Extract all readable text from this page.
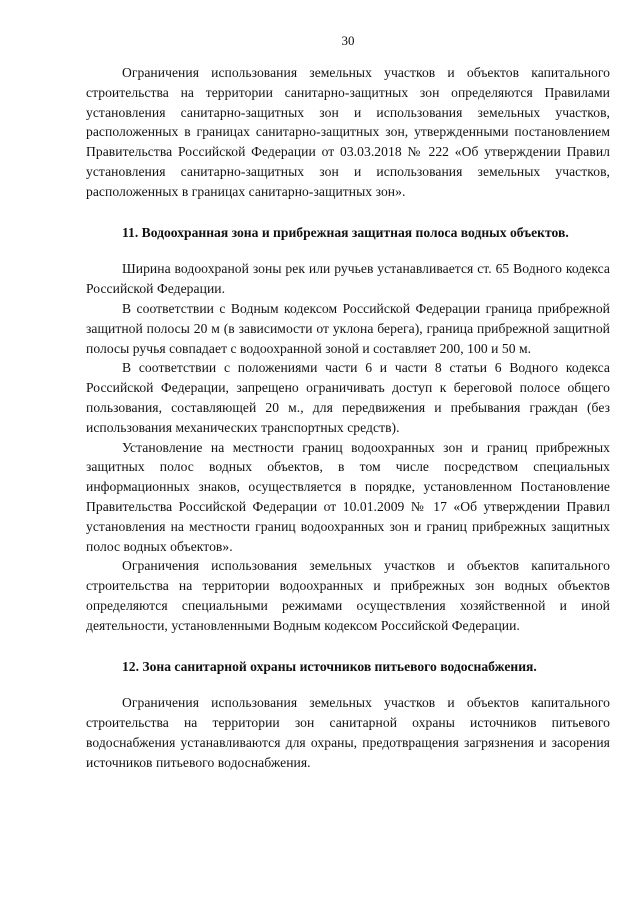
30

Ограничения использования земельных участков и объектов капитального строительства на территории санитарно-защитных зон определяются Правилами установления санитарно-защитных зон и использования земельных участков, расположенных в границах санитарно-защитных зон, утвержденными постановлением Правительства Российской Федерации от 03.03.2018 № 222 «Об утверждении Правил установления санитарно-защитных зон и использования земельных участков, расположенных в границах санитарно-защитных зон».

11. Водоохранная зона и прибрежная защитная полоса водных объектов.

Ширина водоохраной зоны рек или ручьев устанавливается ст. 65 Водного кодекса Российской Федерации.

В соответствии с Водным кодексом Российской Федерации граница прибрежной защитной полосы 20 м (в зависимости от уклона берега), граница прибрежной защитной полосы ручья совпадает с водоохранной зоной и составляет 200, 100 и 50 м.

В соответствии с положениями части 6 и части 8 статьи 6 Водного кодекса Российской Федерации, запрещено ограничивать доступ к береговой полосе общего пользования, составляющей 20 м., для передвижения и пребывания граждан (без использования механических транспортных средств).

Установление на местности границ водоохранных зон и границ прибрежных защитных полос водных объектов, в том числе посредством специальных информационных знаков, осуществляется в порядке, установленном Постановление Правительства Российской Федерации от 10.01.2009 № 17 «Об утверждении Правил установления на местности границ водоохранных зон и границ прибрежных защитных полос водных объектов».

Ограничения использования земельных участков и объектов капитального строительства на территории водоохранных и прибрежных зон водных объектов определяются специальными режимами осуществления хозяйственной и иной деятельности, установленными Водным кодексом Российской Федерации.

12. Зона санитарной охраны источников питьевого водоснабжения.

Ограничения использования земельных участков и объектов капитального строительства на территории зон санитарной охраны источников питьевого водоснабжения устанавливаются для охраны, предотвращения загрязнения и засорения источников питьевого водоснабжения.
